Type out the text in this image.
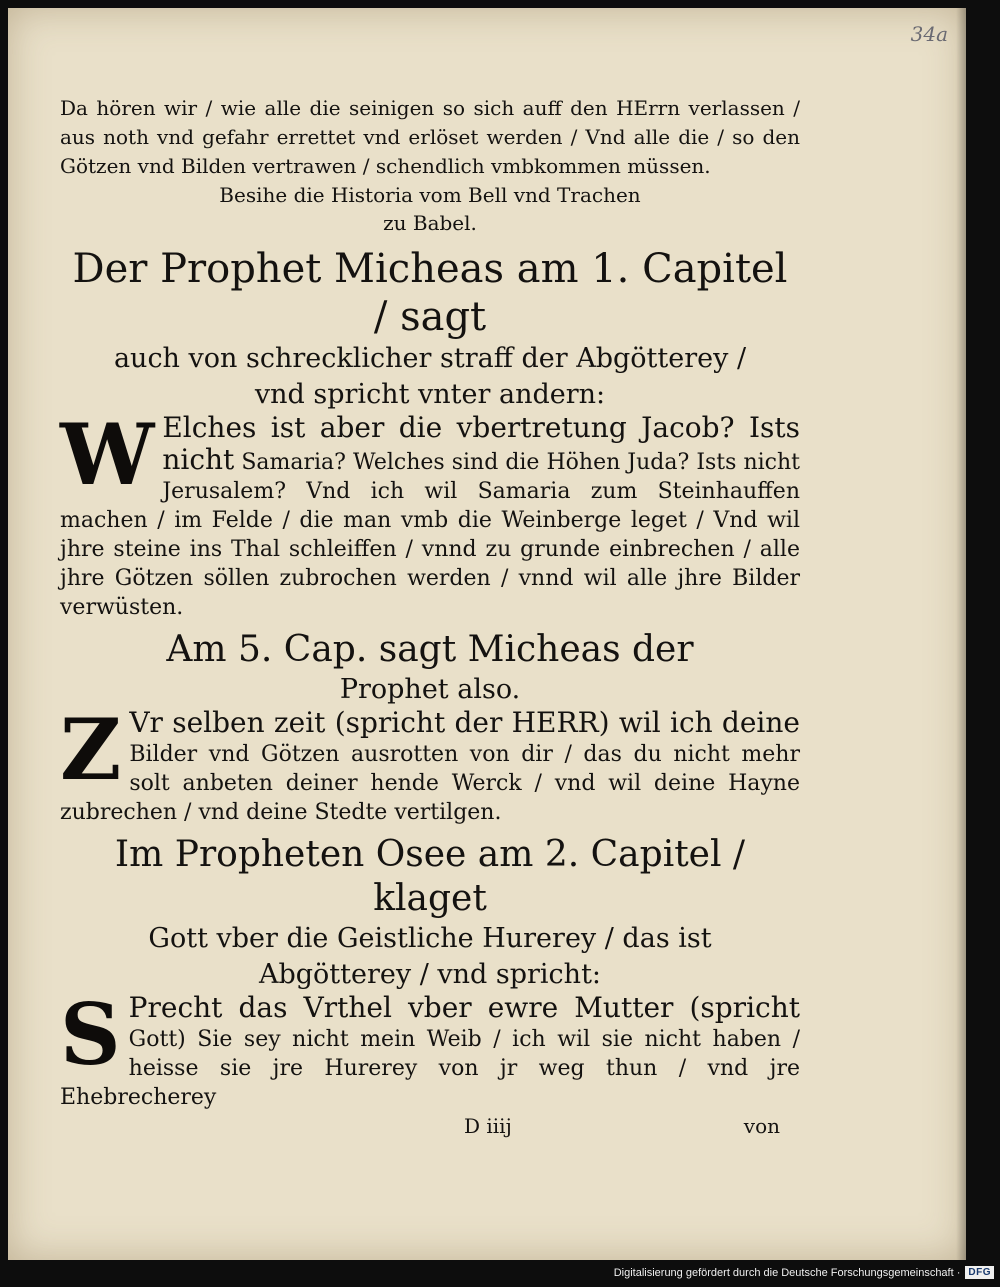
34a

Da hören wir / wie alle die seinigen so sich auff den HErrn verlassen / aus noth vnd gefahr errettet vnd erlöset werden / Vnd alle die / so den Götzen vnd Bilden vertrawen / schendlich vmbkommen müssen.

Besihe die Historia vom Bell vnd Trachen

zu Babel.

Der Prophet Micheas am 1. Capitel / sagt

auch von schrecklicher straff der Abgötterey /

vnd spricht vnter andern:

W Elches ist aber die vbertretung Jacob? Ists nicht Samaria? Welches sind die Höhen Juda? Ists nicht Jerusalem? Vnd ich wil Samaria zum Steinhauffen machen / im Felde / die man vmb die Weinberge leget / Vnd wil jhre steine ins Thal schleiffen / vnnd zu grunde einbrechen / alle jhre Götzen söllen zubrochen werden / vnnd wil alle jhre Bilder verwüsten.

Am 5. Cap. sagt Micheas der

Prophet also.

Z Vr selben zeit (spricht der HERR) wil ich deine Bilder vnd Götzen ausrotten von dir / das du nicht mehr solt anbeten deiner hende Werck / vnd wil deine Hayne zubrechen / vnd deine Stedte vertilgen.

Im Propheten Osee am 2. Capitel / klaget

Gott vber die Geistliche Hurerey / das ist

Abgötterey / vnd spricht:

S Precht das Vrthel vber ewre Mutter (spricht Gott) Sie sey nicht mein Weib / ich wil sie nicht haben / heisse sie jre Hurerey von jr weg thun / vnd jre Ehebrecherey

D iiij	von
Digitalisierung gefördert durch die Deutsche Forschungsgemeinschaft · DFG
